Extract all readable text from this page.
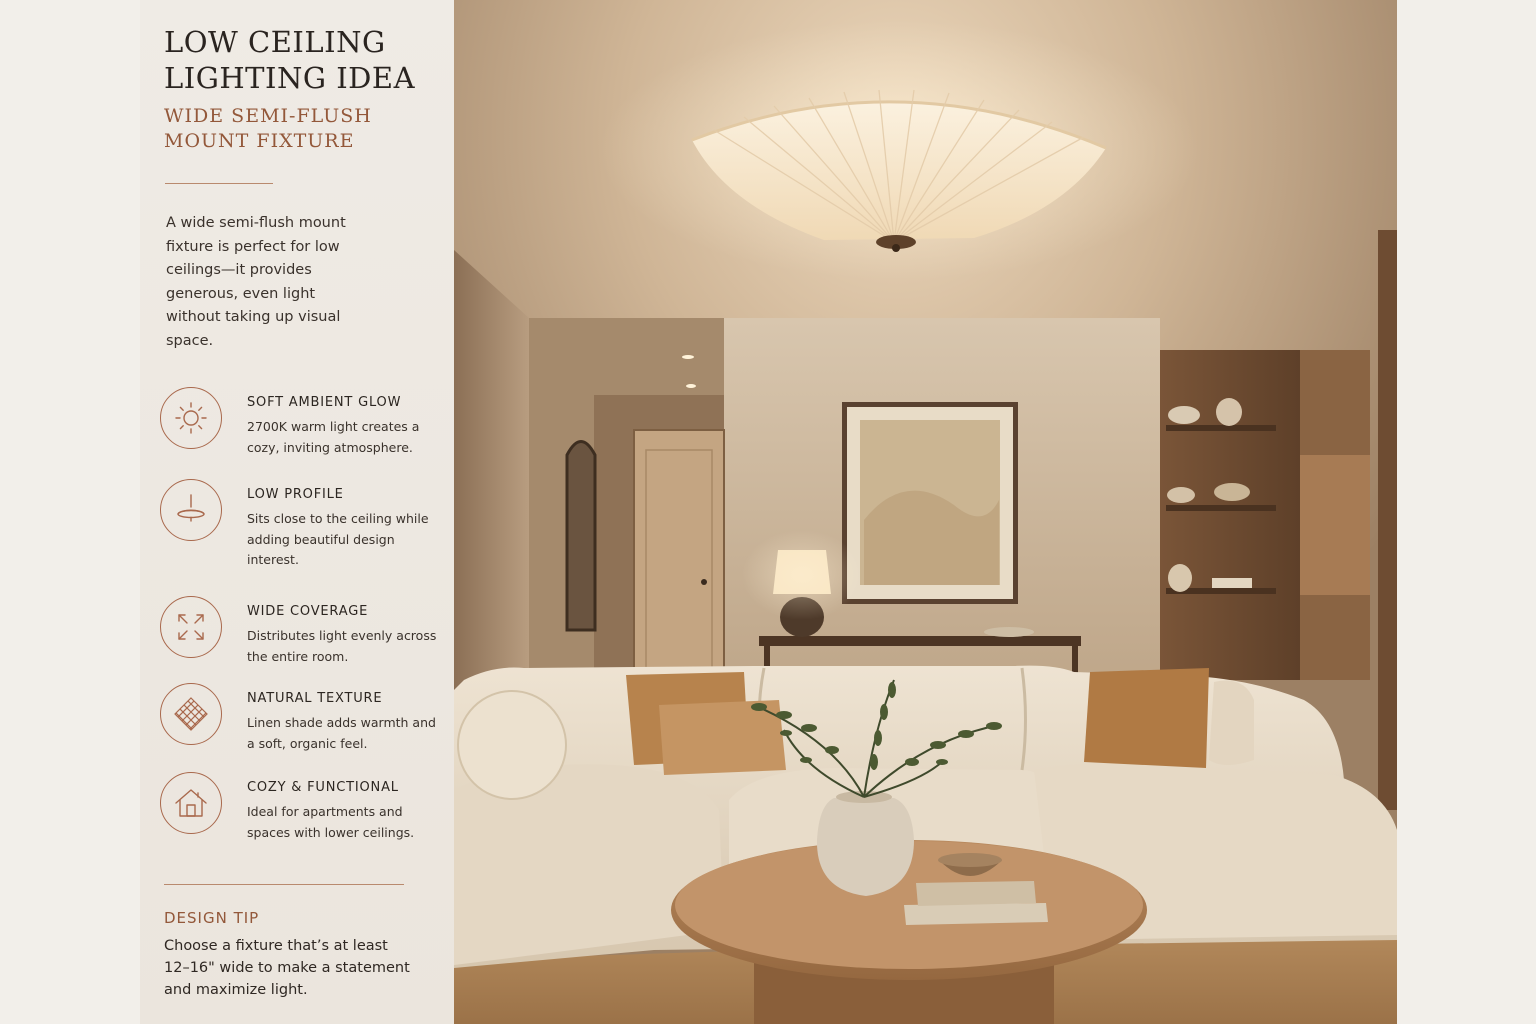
LOW CEILING LIGHTING IDEA
WIDE SEMI-FLUSH MOUNT FIXTURE
A wide semi-flush mount fixture is perfect for low ceilings—it provides generous, even light without taking up visual space.
SOFT AMBIENT GLOW
2700K warm light creates a cozy, inviting atmosphere.
LOW PROFILE
Sits close to the ceiling while adding beautiful design interest.
WIDE COVERAGE
Distributes light evenly across the entire room.
NATURAL TEXTURE
Linen shade adds warmth and a soft, organic feel.
COZY & FUNCTIONAL
Ideal for apartments and spaces with lower ceilings.
DESIGN TIP
Choose a fixture that’s at least 12–16" wide to make a statement and maximize light.
